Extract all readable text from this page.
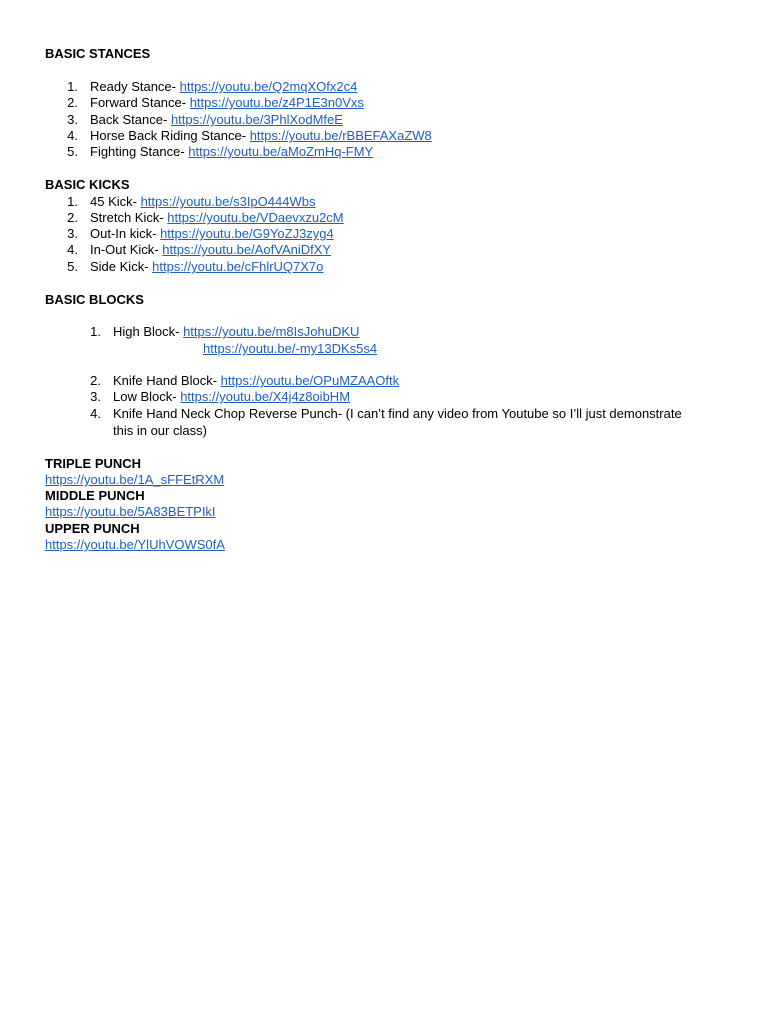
BASIC STANCES
1. Ready Stance- https://youtu.be/Q2mqXOfx2c4
2. Forward Stance- https://youtu.be/z4P1E3n0Vxs
3. Back Stance- https://youtu.be/3PhlXodMfeE
4. Horse Back Riding Stance- https://youtu.be/rBBEFAXaZW8
5. Fighting Stance- https://youtu.be/aMoZmHq-FMY
BASIC KICKS
1. 45 Kick- https://youtu.be/s3IpO444Wbs
2. Stretch Kick- https://youtu.be/VDaevxzu2cM
3. Out-In kick- https://youtu.be/G9YoZJ3zyg4
4. In-Out Kick- https://youtu.be/AofVAniDfXY
5. Side Kick- https://youtu.be/cFhlrUQ7X7o
BASIC BLOCKS
1. High Block- https://youtu.be/m8IsJohuDKU
https://youtu.be/-my13DKs5s4
2. Knife Hand Block- https://youtu.be/OPuMZAAOftk
3. Low Block- https://youtu.be/X4j4z8oibHM
4. Knife Hand Neck Chop Reverse Punch- (I can’t find any video from Youtube so I’ll just demonstrate
this in our class)
TRIPLE PUNCH
https://youtu.be/1A_sFFEtRXM
MIDDLE PUNCH
https://youtu.be/5A83BETPIkI
UPPER PUNCH
https://youtu.be/YlUhVOWS0fA
